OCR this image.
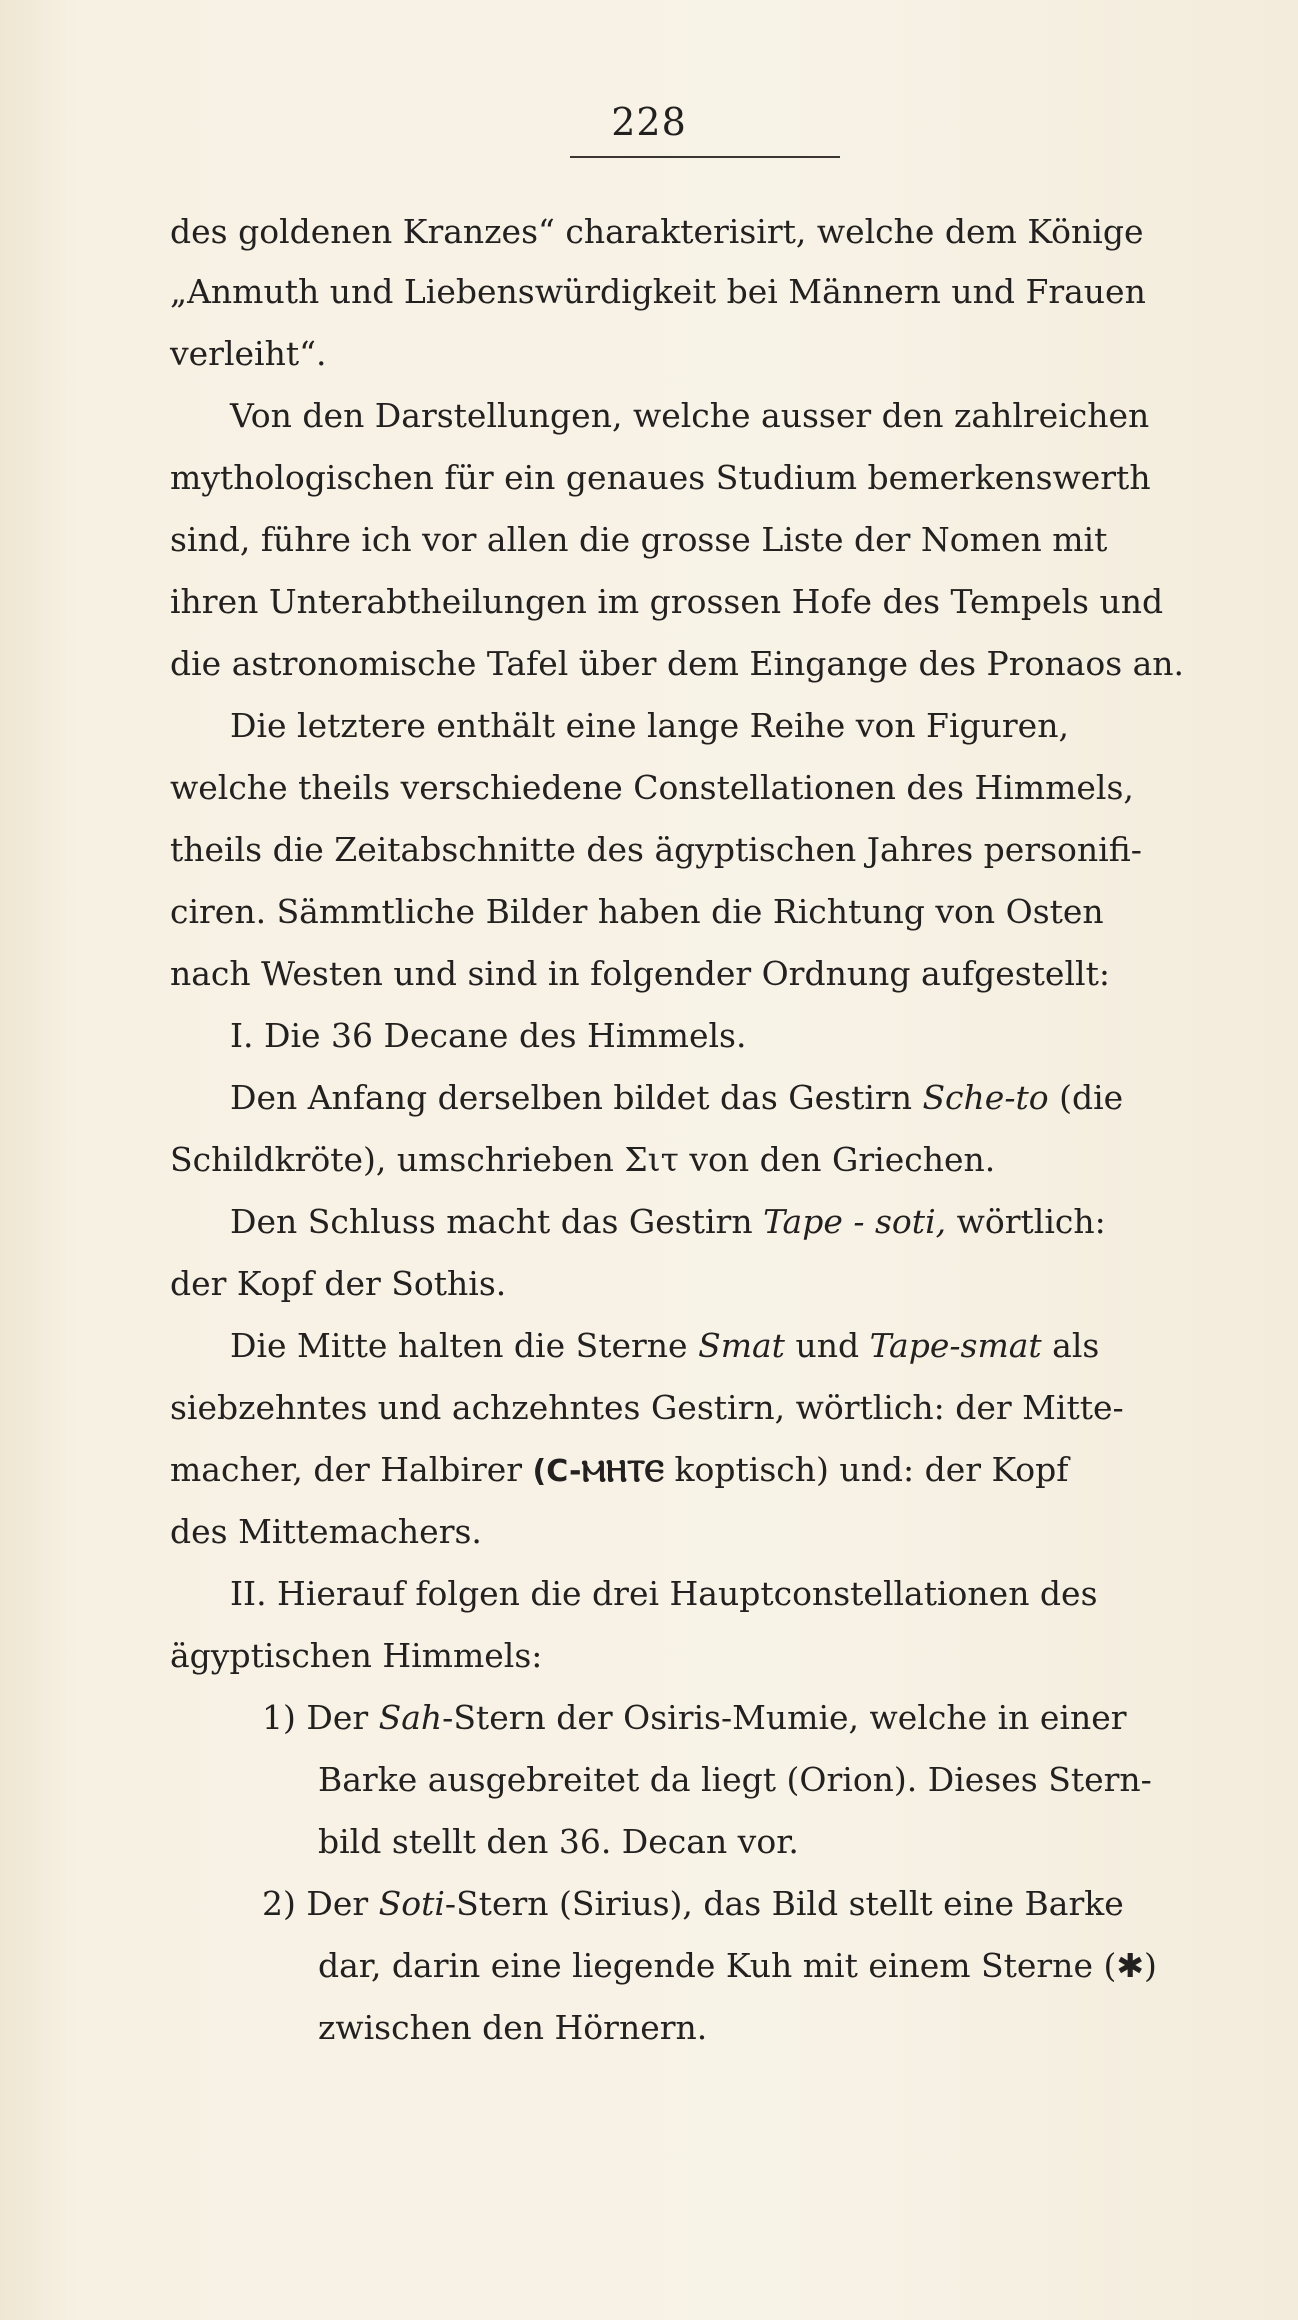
228
des goldenen Kranzes“ charakterisirt, welche dem Könige
„Anmuth und Liebenswürdigkeit bei Männern und Frauen
verleiht“.
Von den Darstellungen, welche ausser den zahlreichen
mythologischen für ein genaues Studium bemerkenswerth
sind, führe ich vor allen die grosse Liste der Nomen mit
ihren Unterabtheilungen im grossen Hofe des Tempels und
die astronomische Tafel über dem Eingange des Pronaos an.
Die letztere enthält eine lange Reihe von Figuren,
welche theils verschiedene Constellationen des Himmels,
theils die Zeitabschnitte des ägyptischen Jahres personifi-
ciren. Sämmtliche Bilder haben die Richtung von Osten
nach Westen und sind in folgender Ordnung aufgestellt:
I. Die 36 Decane des Himmels.
Den Anfang derselben bildet das Gestirn Sche-to (die
Schildkröte), umschrieben Σιτ von den Griechen.
Den Schluss macht das Gestirn Tape - soti, wörtlich:
der Kopf der Sothis.
Die Mitte halten die Sterne Smat und Tape-smat als
siebzehntes und achzehntes Gestirn, wörtlich: der Mitte-
macher, der Halbirer (C-ⲘⲎⲦⲈ koptisch) und: der Kopf
des Mittemachers.
II. Hierauf folgen die drei Hauptconstellationen des
ägyptischen Himmels:
1) Der Sah-Stern der Osiris-Mumie, welche in einer
Barke ausgebreitet da liegt (Orion). Dieses Stern-
bild stellt den 36. Decan vor.
2) Der Soti-Stern (Sirius), das Bild stellt eine Barke
dar, darin eine liegende Kuh mit einem Sterne (✱)
zwischen den Hörnern.
